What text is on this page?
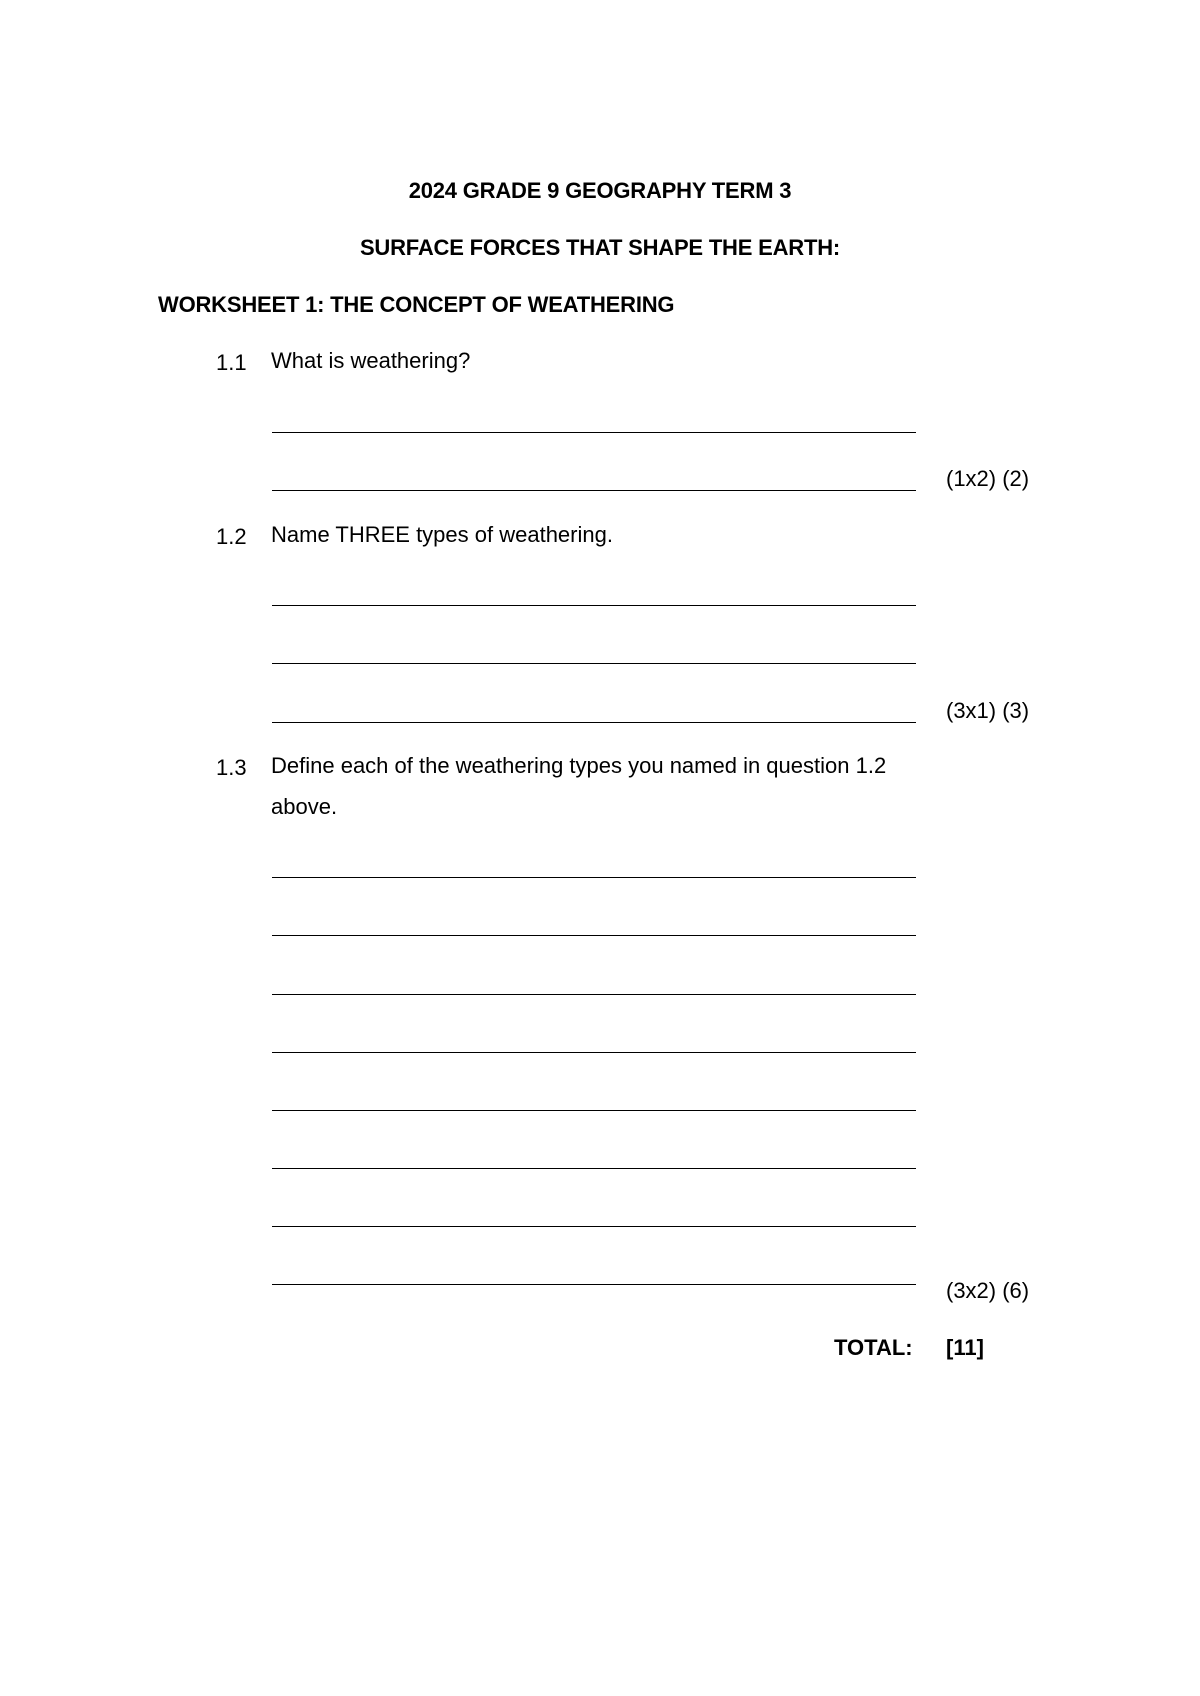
2024 GRADE 9 GEOGRAPHY TERM 3
SURFACE FORCES THAT SHAPE THE EARTH:
WORKSHEET 1: THE CONCEPT OF WEATHERING
1.1 What is weathering?
(1x2) (2)
1.2 Name THREE types of weathering.
(3x1) (3)
1.3 Define each of the weathering types you named in question 1.2 above.
(3x2) (6)
TOTAL: [11]
